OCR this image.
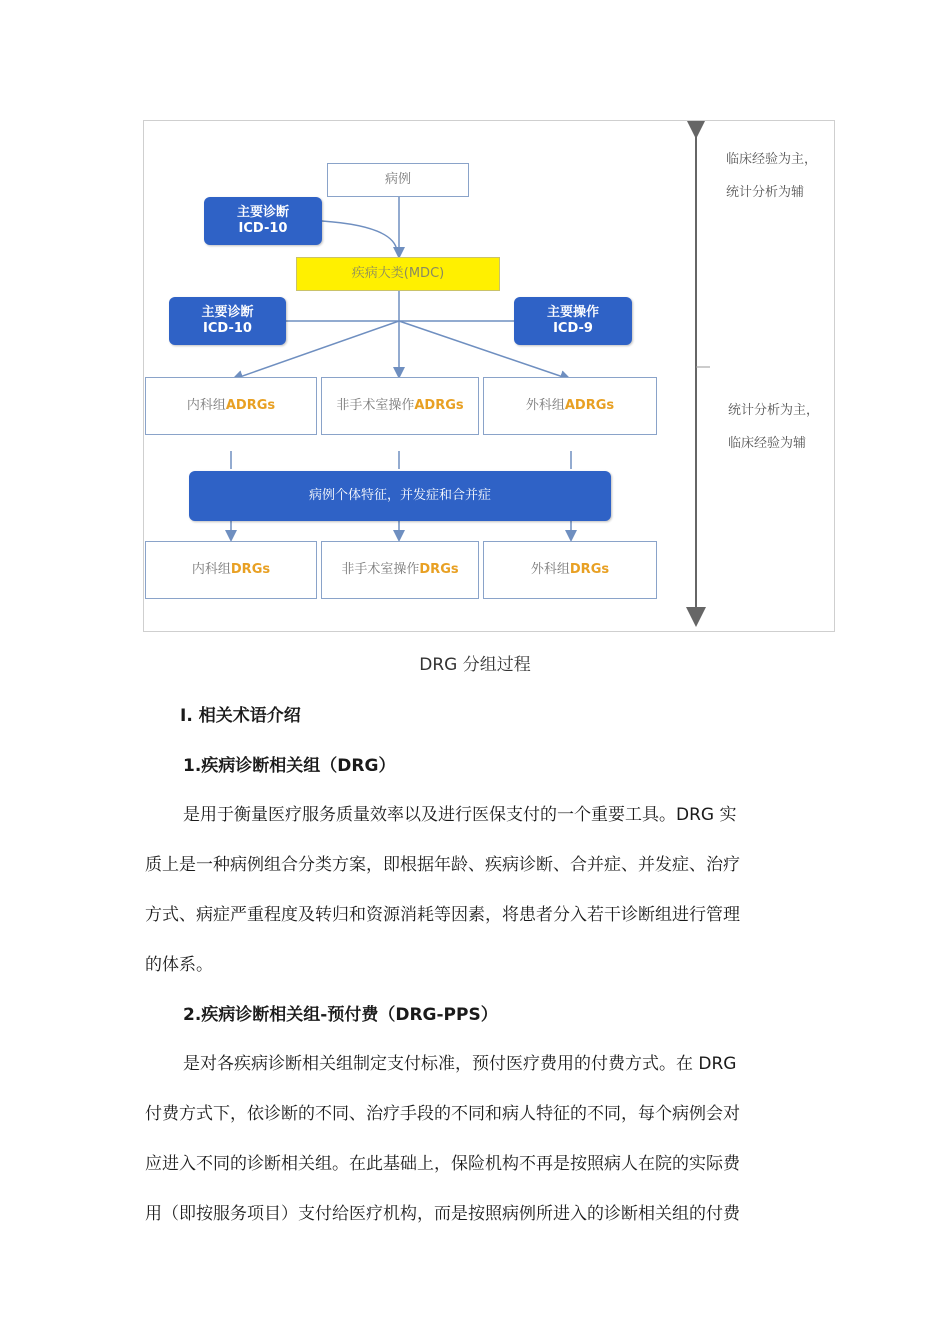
病例
主要诊断
ICD-10
疾病大类(MDC)
主要诊断
ICD-10
主要操作
ICD-9
内科组 ADRGs	非手术室操作 ADRGs	外科组 ADRGs
病例个体特征，并发症和合并症
内科组 DRGs	非手术室操作 DRGs	外科组 DRGs
临床经验为主，
统计分析为辅
统计分析为主，
临床经验为辅
DRG 分组过程
I. 相关术语介绍
1.疾病诊断相关组（DRG）
是用于衡量医疗服务质量效率以及进行医保支付的一个重要工具。DRG 实
质上是一种病例组合分类方案，即根据年龄、疾病诊断、合并症、并发症、治疗
方式、病症严重程度及转归和资源消耗等因素，将患者分入若干诊断组进行管理
的体系。
2.疾病诊断相关组-预付费（DRG-PPS）
是对各疾病诊断相关组制定支付标准，预付医疗费用的付费方式。在 DRG
付费方式下，依诊断的不同、治疗手段的不同和病人特征的不同，每个病例会对
应进入不同的诊断相关组。在此基础上，保险机构不再是按照病人在院的实际费
用（即按服务项目）支付给医疗机构，而是按照病例所进入的诊断相关组的付费
